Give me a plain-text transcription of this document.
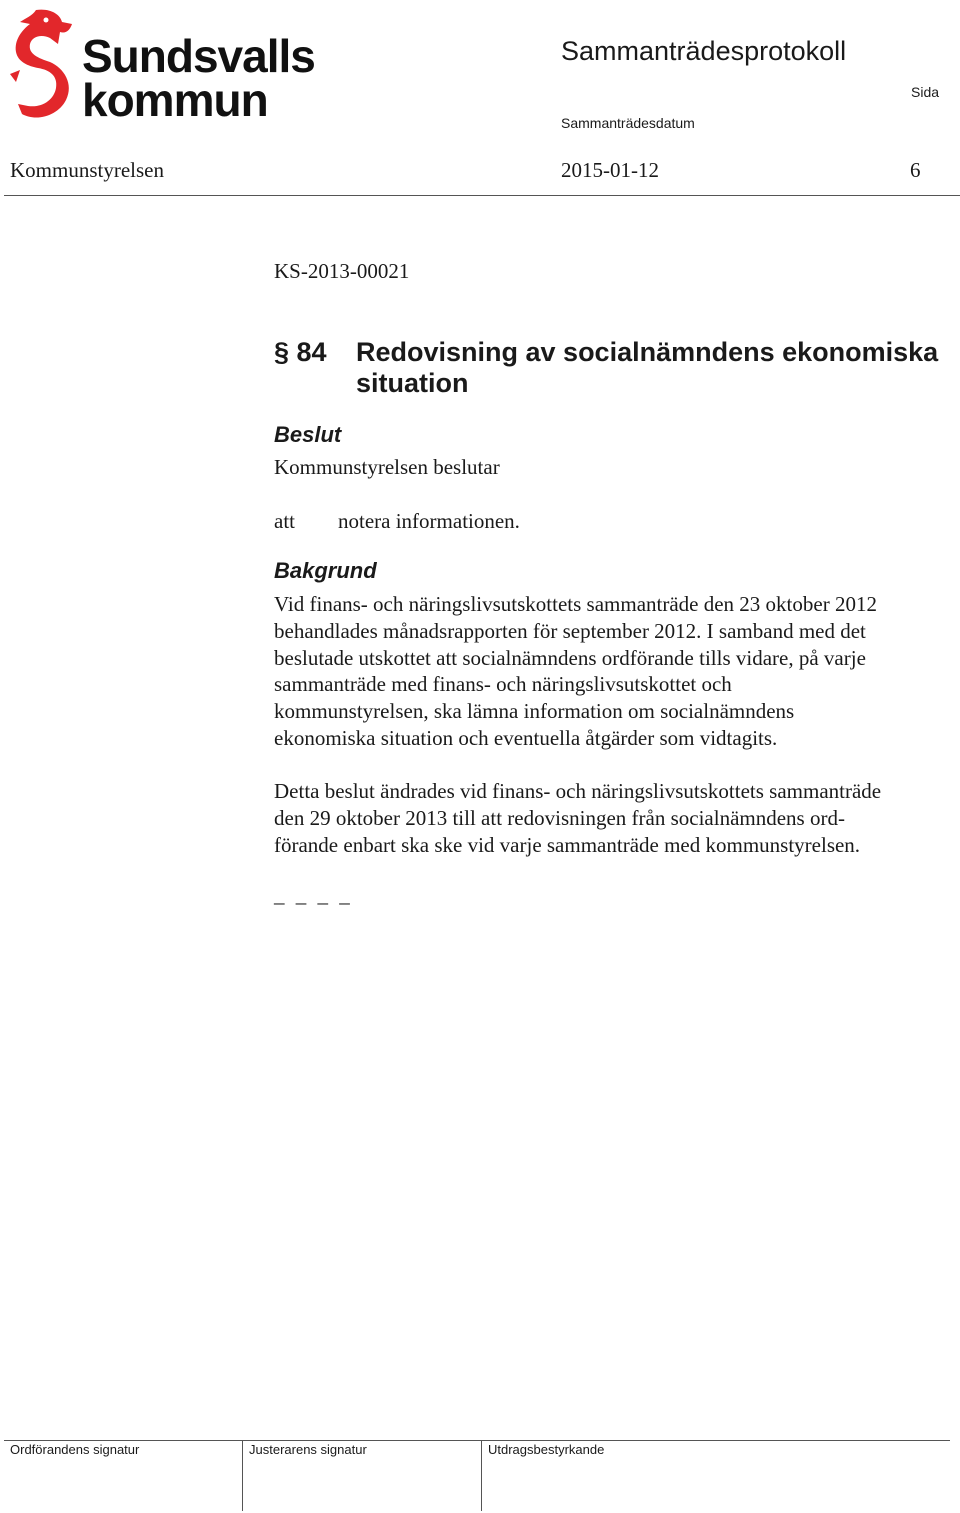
Sundsvalls
kommun
Sammanträdesprotokoll
Sida
Sammanträdesdatum
Kommunstyrelsen	2015-01-12	6
KS-2013-00021
§ 84 Redovisning av socialnämndens ekonomiska situation
Beslut
Kommunstyrelsen beslutar
att notera informationen.
Bakgrund
Vid finans- och näringslivsutskottets sammanträde den 23 oktober 2012
behandlades månadsrapporten för september 2012. I samband med det
beslutade utskottet att socialnämndens ordförande tills vidare, på varje
sammanträde med finans- och näringslivsutskottet och
kommunstyrelsen, ska lämna information om socialnämndens
ekonomiska situation och eventuella åtgärder som vidtagits.
Detta beslut ändrades vid finans- och näringslivsutskottets sammanträde
den 29 oktober 2013 till att redovisningen från socialnämndens ord-
förande enbart ska ske vid varje sammanträde med kommunstyrelsen.
_ _ _ _
Ordförandens signatur	Justerarens signatur	Utdragsbestyrkande
